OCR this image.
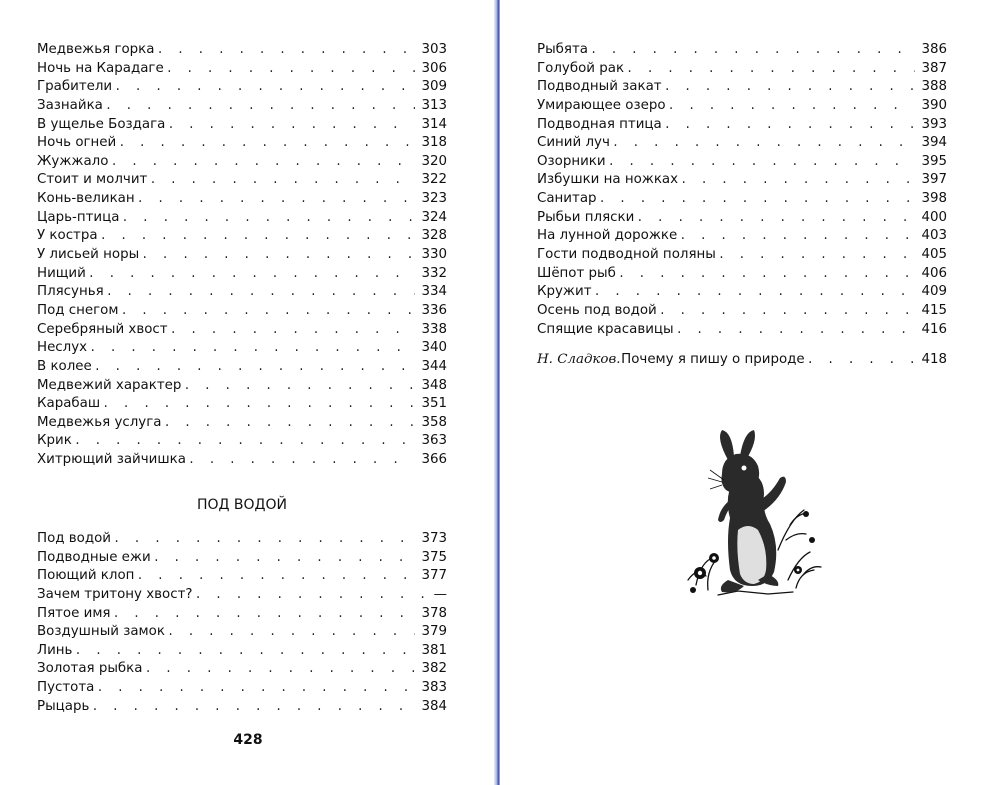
Медвежья горка . . .	303
Ночь на Карадаге . . .	306
Грабители . . .	309
Зазнайка . . .	313
В ущелье Боздага . . .	314
Ночь огней . . .	318
Жужжало . . .	320
Стоит и молчит . . .	322
Конь-великан . . .	323
Царь-птица . . .	324
У костра . . .	328
У лисьей норы . . .	330
Нищий . . .	332
Плясунья . . .	334
Под снегом . . .	336
Серебряный хвост . . .	338
Неслух . . .	340
В колее . . .	344
Медвежий характер . . .	348
Карабаш . . .	351
Медвежья услуга . . .	358
Крик . . .	363
Хитрющий зайчишка . . .	366
ПОД ВОДОЙ
Под водой . . .	373
Подводные ежи . . .	375
Поющий клоп . . .	377
Зачем тритону хвост? . . .	—
Пятое имя . . .	378
Воздушный замок . . .	379
Линь . . .	381
Золотая рыбка . . .	382
Пустота . . .	383
Рыцарь . . .	384
428
Рыбята . . .	386
Голубой рак . . .	387
Подводный закат . . .	388
Умирающее озеро . . .	390
Подводная птица . . .	393
Синий луч . . .	394
Озорники . . .	395
Избушки на ножках . . .	397
Санитар . . .	398
Рыбьи пляски . . .	400
На лунной дорожке . . .	403
Гости подводной поляны . . .	405
Шёпот рыб . . .	406
Кружит . . .	409
Осень под водой . . .	415
Спящие красавицы . . .	416
Н. Сладков. Почему я пишу о природе . . .	418
